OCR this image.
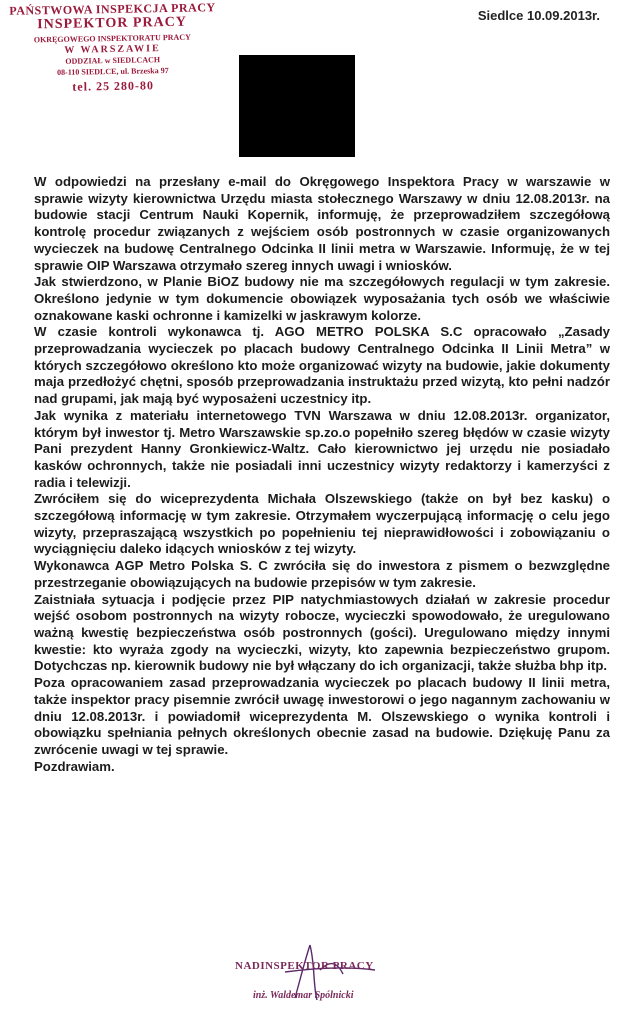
PAŃSTWOWA INSPEKCJA PRACY
INSPEKTOR PRACY
OKRĘGOWEGO INSPEKTORATU PRACY
W WARSZAWIE
ODDZIAŁ w SIEDLCACH
08-110 SIEDLCE, ul. Brzeska 97
tel. 25 280-80
Siedlce 10.09.2013r.

W odpowiedzi na przesłany e-mail do Okręgowego Inspektora Pracy w warszawie w sprawie wizyty kierownictwa Urzędu miasta stołecznego Warszawy w dniu 12.08.2013r. na budowie stacji Centrum Nauki Kopernik, informuję, że przeprowadziłem szczegółową kontrolę procedur związanych z wejściem osób postronnych w czasie organizowanych wycieczek na budowę Centralnego Odcinka II linii metra w Warszawie. Informuję, że w tej sprawie OIP Warszawa otrzymało szereg innych uwagi i wniosków.

Jak stwierdzono, w Planie BiOZ budowy nie ma szczegółowych regulacji w tym zakresie. Określono jedynie w tym dokumencie obowiązek wyposażania tych osób we właściwie oznakowane kaski ochronne i kamizelki w jaskrawym kolorze.

W czasie kontroli wykonawca tj. AGO METRO POLSKA S.C opracowało „Zasady przeprowadzania wycieczek po placach budowy Centralnego Odcinka II Linii Metra” w których szczegółowo określono kto może organizować wizyty na budowie, jakie dokumenty maja przedłożyć chętni, sposób przeprowadzania instruktażu przed wizytą, kto pełni nadzór nad grupami, jak mają być wyposażeni uczestnicy itp.

Jak wynika z materiału internetowego TVN Warszawa w dniu 12.08.2013r. organizator, którym był inwestor tj. Metro Warszawskie sp.zo.o popełniło szereg błędów w czasie wizyty Pani prezydent Hanny Gronkiewicz-Waltz. Cało kierownictwo jej urzędu nie posiadało kasków ochronnych, także nie posiadali inni uczestnicy wizyty redaktorzy i kamerzyści z radia i telewizji.

Zwróciłem się do wiceprezydenta Michała Olszewskiego (także on był bez kasku) o szczegółową informację w tym zakresie. Otrzymałem wyczerpującą informację o celu jego wizyty, przepraszającą wszystkich po popełnieniu tej nieprawidłowości i zobowiązaniu o wyciągnięciu daleko idących wniosków z tej wizyty.

Wykonawca AGP Metro Polska S. C zwróciła się do inwestora z pismem o bezwzględne przestrzeganie obowiązujących na budowie przepisów w tym zakresie.

Zaistniała sytuacja i podjęcie przez PIP natychmiastowych działań w zakresie procedur wejść osobom postronnych na wizyty robocze, wycieczki spowodowało, że uregulowano ważną kwestię bezpieczeństwa osób postronnych (gości). Uregulowano między innymi kwestie: kto wyraża zgody na wycieczki, wizyty, kto zapewnia bezpieczeństwo grupom. Dotychczas np. kierownik budowy nie był włączany do ich organizacji, także służba bhp itp.

Poza opracowaniem zasad przeprowadzania wycieczek po placach budowy II linii metra, także inspektor pracy pisemnie zwrócił uwagę inwestorowi o jego nagannym zachowaniu w dniu 12.08.2013r. i powiadomił wiceprezydenta M. Olszewskiego o wynika kontroli i obowiązku spełniania pełnych określonych obecnie zasad na budowie. Dziękuję Panu za zwrócenie uwagi w tej sprawie.

Pozdrawiam.

NADINSPEKTOR PRACY
inż. Waldemar Spólnicki
